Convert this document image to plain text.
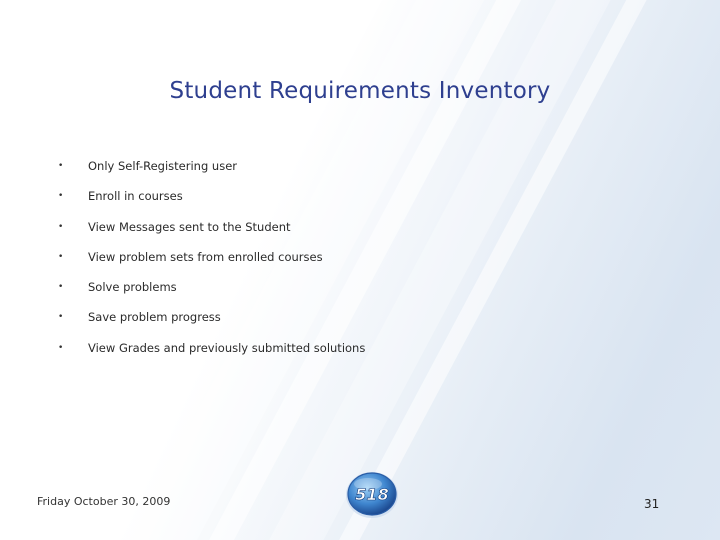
Student Requirements Inventory
•	Only Self-Registering user
•	Enroll in courses
•	View Messages sent to the Student
•	View problem sets from enrolled courses
•	Solve problems
•	Save problem progress
•	View Grades and previously submitted solutions
Friday October 30, 2009	518	31
